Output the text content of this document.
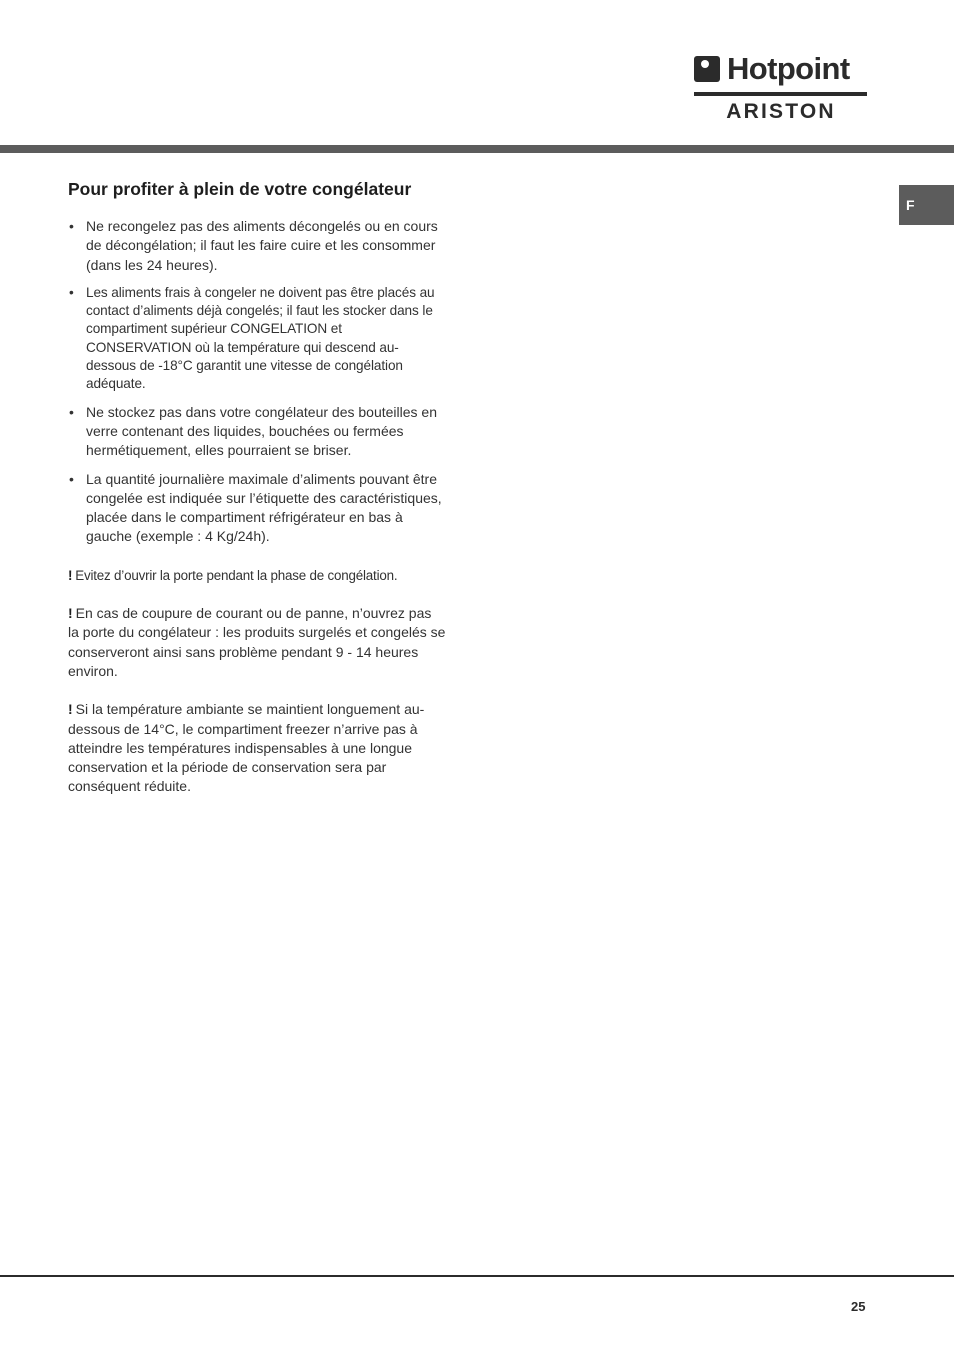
Hotpoint
ARISTON
F
Pour profiter à plein de votre congélateur
• Ne recongelez pas des aliments décongelés ou en cours de décongélation; il faut les faire cuire et les consommer (dans les 24 heures).
• Les aliments frais à congeler ne doivent pas être placés au contact d’aliments déjà congelés; il faut les stocker dans le compartiment supérieur CONGELATION et CONSERVATION où la température qui descend au-dessous de -18°C garantit une vitesse de congélation adéquate.
• Ne stockez pas dans votre congélateur des bouteilles en verre contenant des liquides, bouchées ou fermées hermétiquement, elles pourraient se briser.
• La quantité journalière maximale d’aliments pouvant être congelée est indiquée sur l’étiquette des caractéristiques, placée dans le compartiment réfrigérateur en bas à gauche (exemple : 4 Kg/24h).

! Evitez d’ouvrir la porte pendant la phase de congélation.

! En cas de coupure de courant ou de panne, n’ouvrez pas la porte du congélateur : les produits surgelés et congelés se conserveront ainsi sans problème pendant 9 - 14 heures environ.

! Si la température ambiante se maintient longuement au-dessous de 14°C, le compartiment freezer n’arrive pas à atteindre les températures indispensables à une longue conservation et la période de conservation sera par conséquent réduite.

25
